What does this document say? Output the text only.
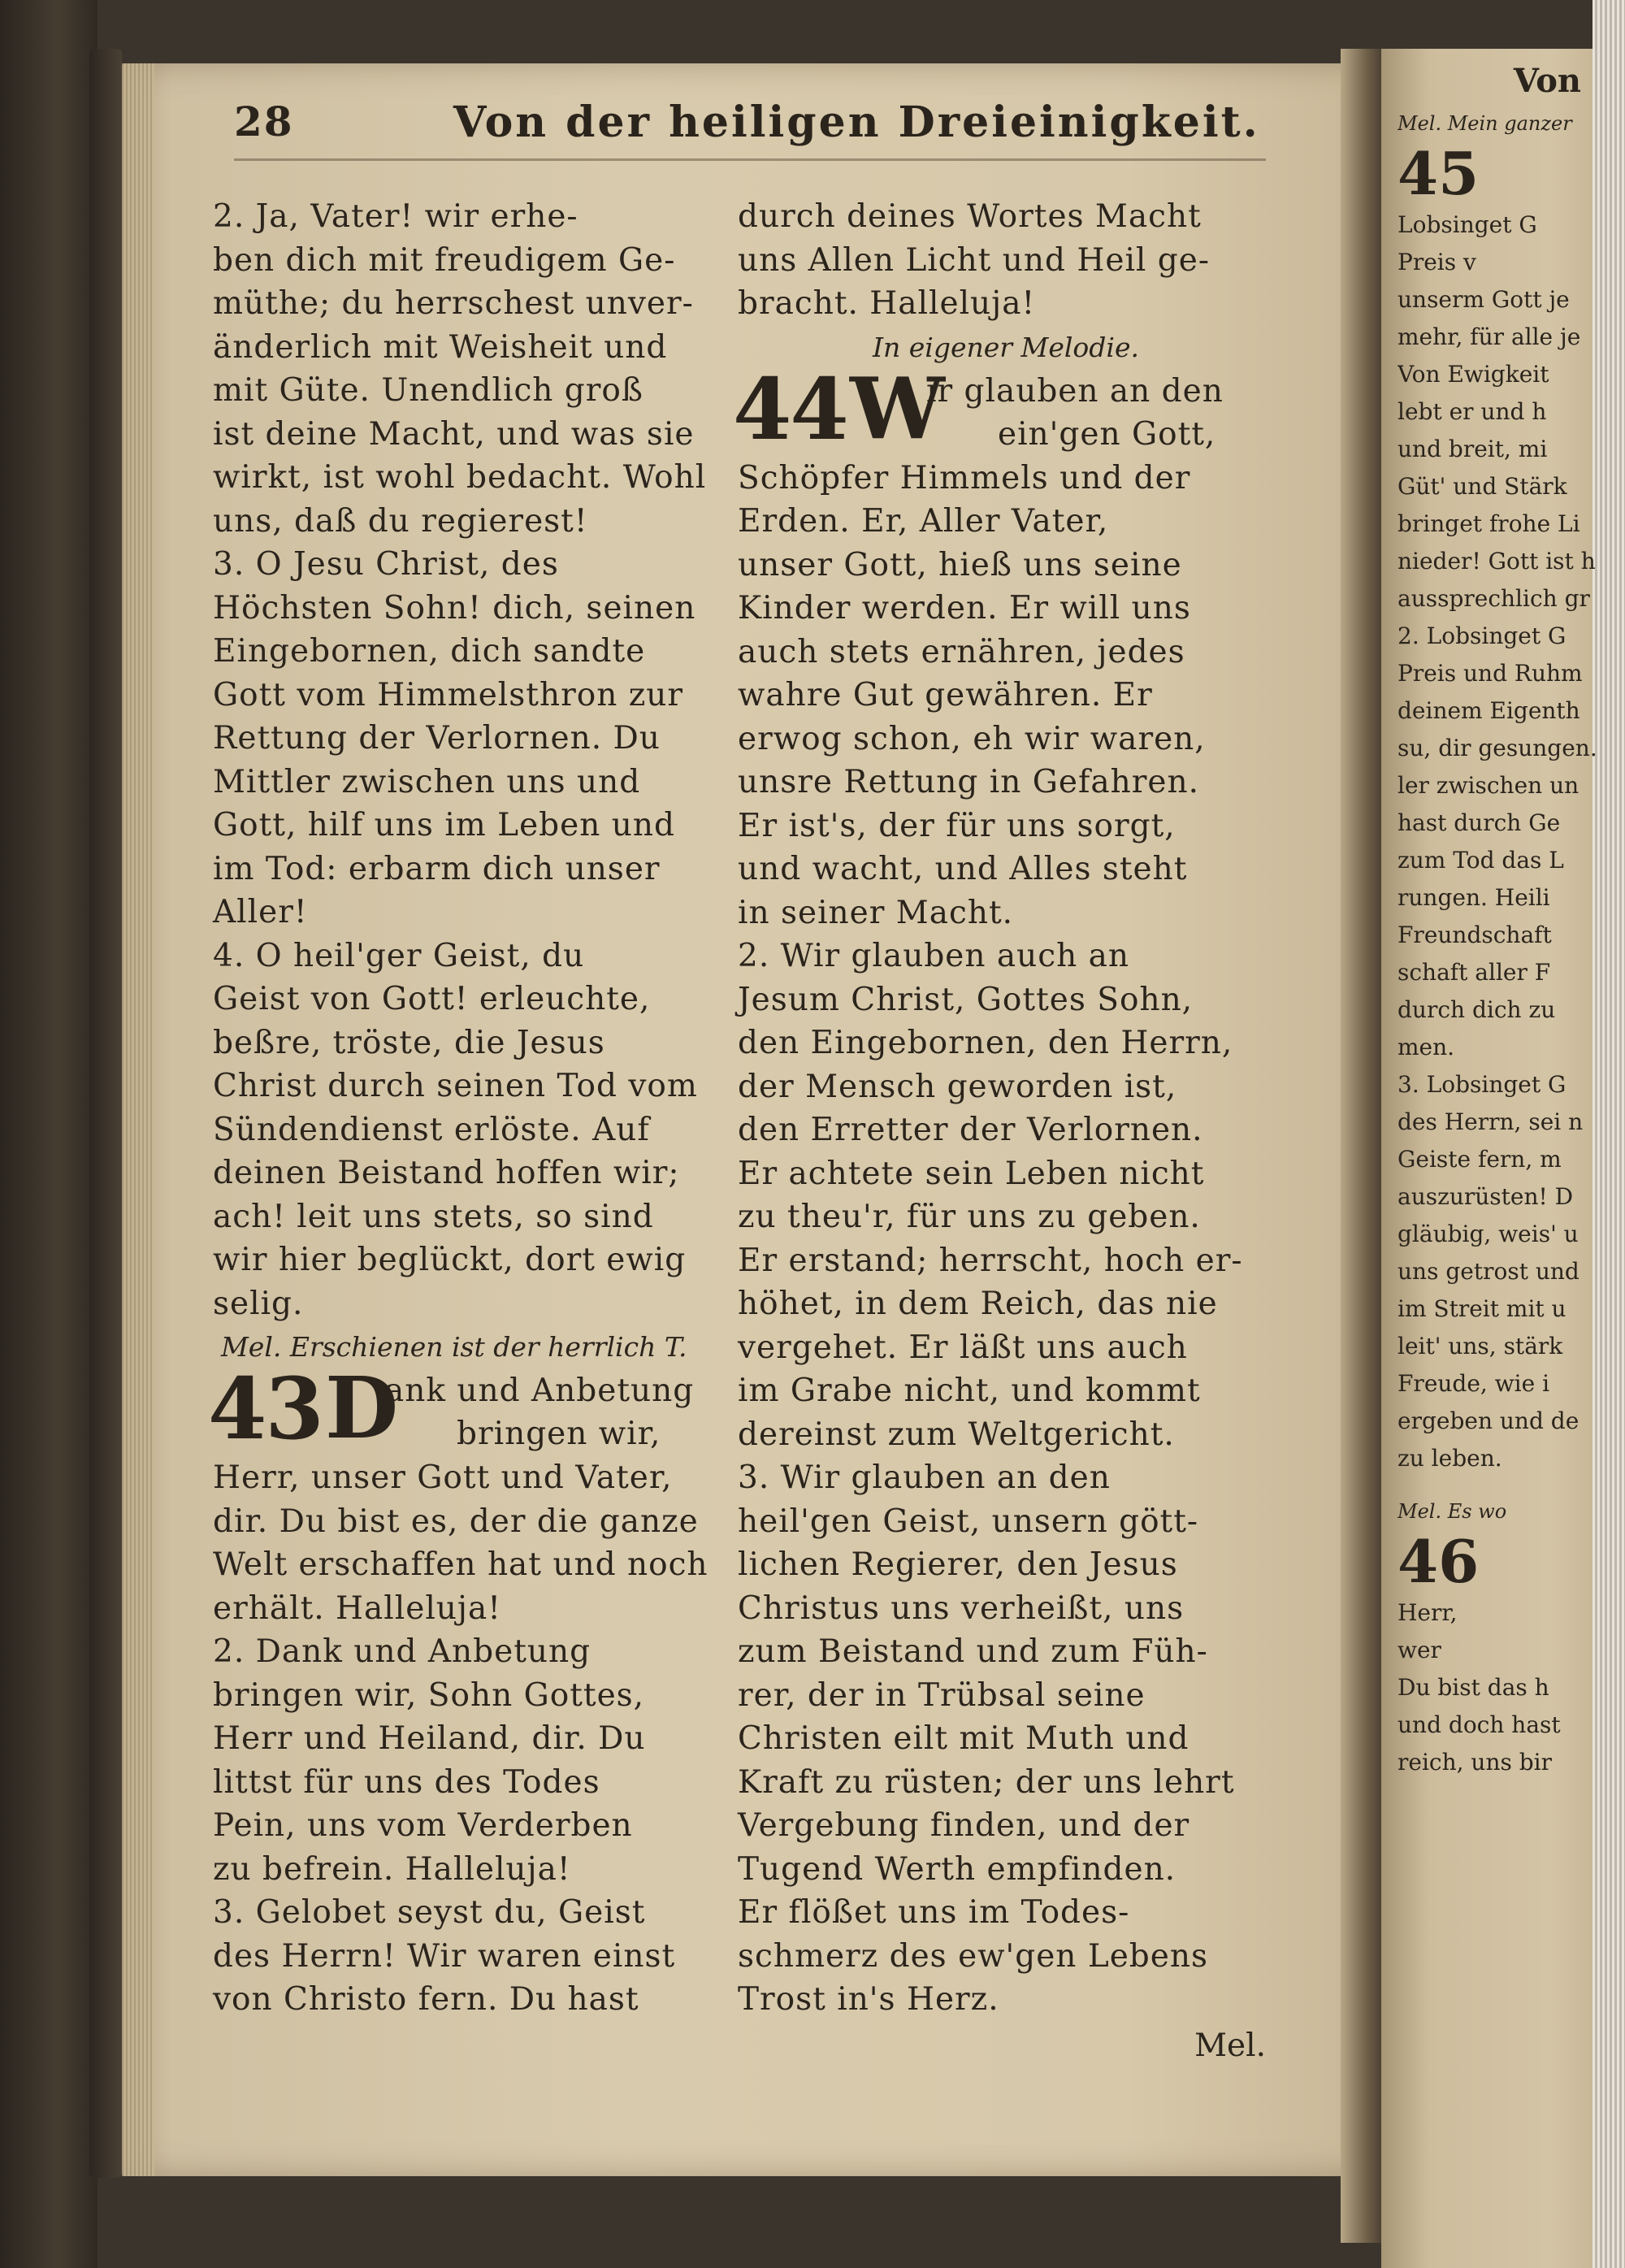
28	Von der heiligen Dreieinigkeit.
2. Ja, Vater! wir erhe-
ben dich mit freudigem Ge-
müthe; du herrschest unver-
änderlich mit Weisheit und
mit Güte. Unendlich groß
ist deine Macht, und was sie
wirkt, ist wohl bedacht. Wohl
uns, daß du regierest!
3. O Jesu Christ, des
Höchsten Sohn! dich, seinen
Eingebornen, dich sandte
Gott vom Himmelsthron zur
Rettung der Verlornen. Du
Mittler zwischen uns und
Gott, hilf uns im Leben und
im Tod: erbarm dich unser
Aller!
4. O heil'ger Geist, du
Geist von Gott! erleuchte,
beßre, tröste, die Jesus
Christ durch seinen Tod vom
Sündendienst erlöste. Auf
deinen Beistand hoffen wir;
ach! leit uns stets, so sind
wir hier beglückt, dort ewig
selig.
Mel. Erschienen ist der herrlich T.
43 D
ank und Anbetung
bringen wir,
Herr, unser Gott und Vater,
dir. Du bist es, der die ganze
Welt erschaffen hat und noch
erhält. Halleluja!
2. Dank und Anbetung
bringen wir, Sohn Gottes,
Herr und Heiland, dir. Du
littst für uns des Todes
Pein, uns vom Verderben
zu befrein. Halleluja!
3. Gelobet seyst du, Geist
des Herrn! Wir waren einst
von Christo fern. Du hast
durch deines Wortes Macht
uns Allen Licht und Heil ge-
bracht. Halleluja!
In eigener Melodie.
44 W
ir glauben an den
ein'gen Gott,
Schöpfer Himmels und der
Erden. Er, Aller Vater,
unser Gott, hieß uns seine
Kinder werden. Er will uns
auch stets ernähren, jedes
wahre Gut gewähren. Er
erwog schon, eh wir waren,
unsre Rettung in Gefahren.
Er ist's, der für uns sorgt,
und wacht, und Alles steht
in seiner Macht.
2. Wir glauben auch an
Jesum Christ, Gottes Sohn,
den Eingebornen, den Herrn,
der Mensch geworden ist,
den Erretter der Verlornen.
Er achtete sein Leben nicht
zu theu'r, für uns zu geben.
Er erstand; herrscht, hoch er-
höhet, in dem Reich, das nie
vergehet. Er läßt uns auch
im Grabe nicht, und kommt
dereinst zum Weltgericht.
3. Wir glauben an den
heil'gen Geist, unsern gött-
lichen Regierer, den Jesus
Christus uns verheißt, uns
zum Beistand und zum Füh-
rer, der in Trübsal seine
Christen eilt mit Muth und
Kraft zu rüsten; der uns lehrt
Vergebung finden, und der
Tugend Werth empfinden.
Er flößet uns im Todes-
schmerz des ew'gen Lebens
Trost in's Herz.
Mel.
Von
Mel. Mein ganzer
45
Lobsinget G
Preis v
unserm Gott je
mehr, für alle je
Von Ewigkeit
lebt er und h
und breit, mi
Güt' und Stärk
bringet frohe Li
nieder! Gott ist h
aussprechlich gr
2. Lobsinget G
Preis und Ruhm
deinem Eigenth
su, dir gesungen.
ler zwischen un
hast durch Ge
zum Tod das L
rungen. Heili
Freundschaft
schaft aller F
durch dich zu
men.
3. Lobsinget G
des Herrn, sei n
Geiste fern, m
auszurüsten! D
gläubig, weis' u
uns getrost und
im Streit mit u
leit' uns, stärk
Freude, wie i
ergeben und de
zu leben.
Mel. Es wo
46
Herr,
wer
Du bist das h
und doch hast
reich, uns bir
